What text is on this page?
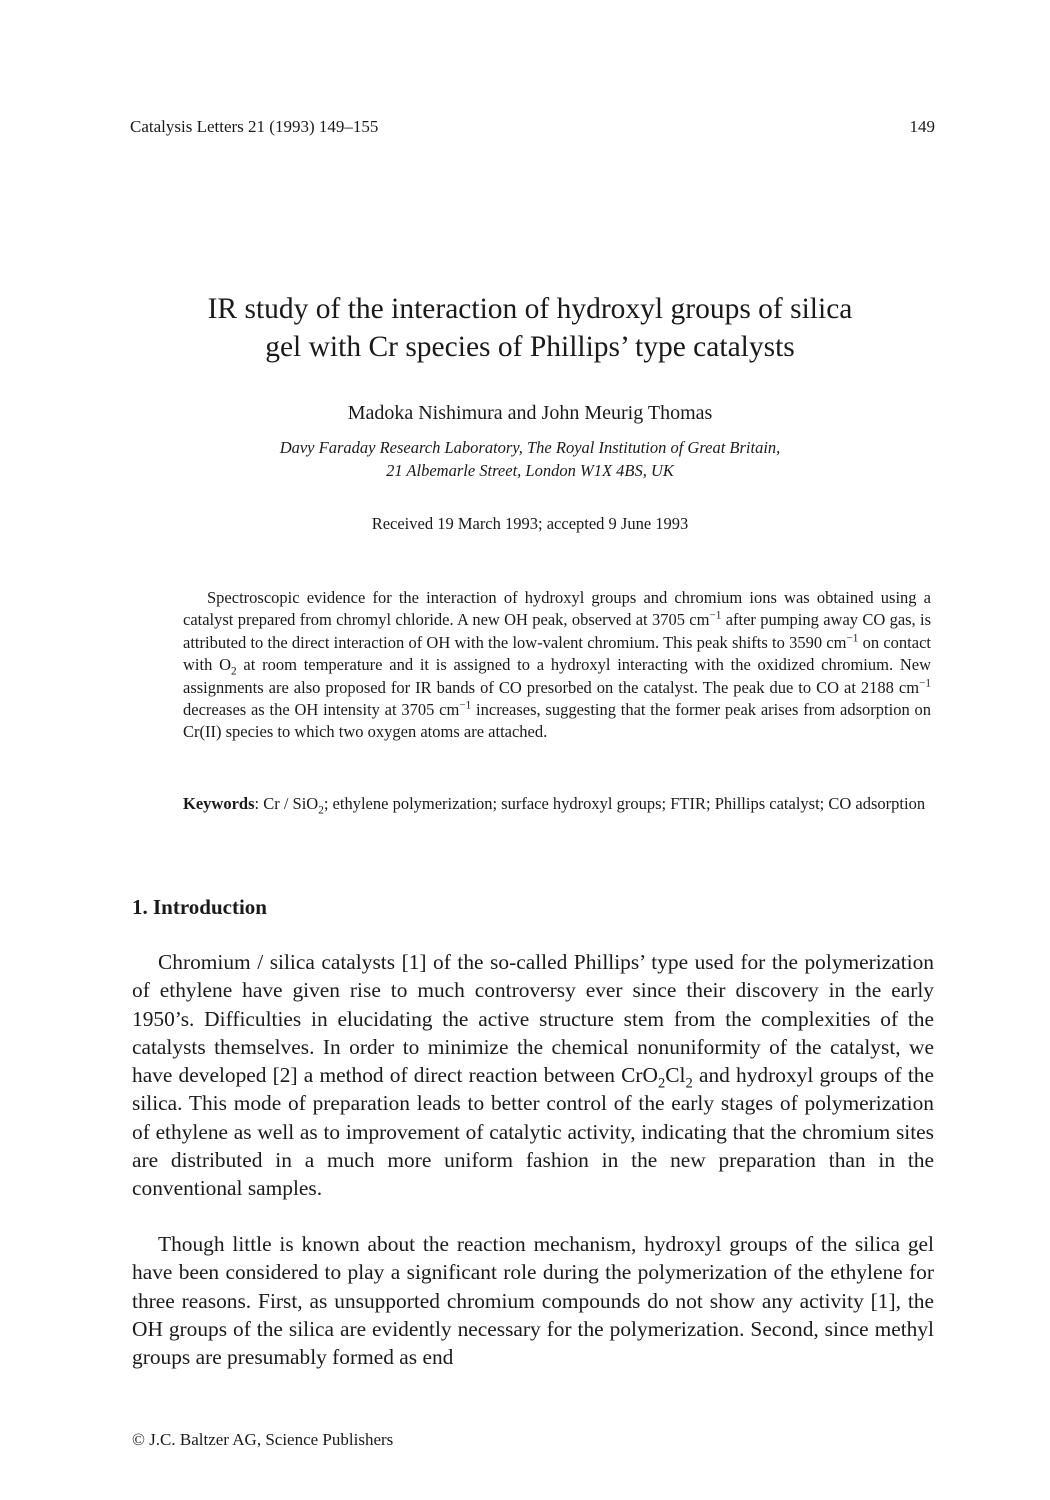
Catalysis Letters 21 (1993) 149–155	149
IR study of the interaction of hydroxyl groups of silica
gel with Cr species of Phillips’ type catalysts
Madoka Nishimura and John Meurig Thomas
Davy Faraday Research Laboratory, The Royal Institution of Great Britain,
21 Albemarle Street, London W1X 4BS, UK
Received 19 March 1993; accepted 9 June 1993

Spectroscopic evidence for the interaction of hydroxyl groups and chromium ions was obtained using a catalyst prepared from chromyl chloride. A new OH peak, observed at 3705 $cm^{-1}$ after pumping away CO gas, is attributed to the direct interaction of OH with the low-valent chromium. This peak shifts to 3590 $cm^{-1}$ on contact with $O_2$ at room temperature and it is assigned to a hydroxyl interacting with the oxidized chromium. New assignments are also proposed for IR bands of CO presorbed on the catalyst. The peak due to CO at 2188 $cm^{-1}$ decreases as the OH intensity at 3705 $cm^{-1}$ increases, suggesting that the former peak arises from adsorption on Cr(II) species to which two oxygen atoms are attached.

Keywords: Cr / SiO$_2$; ethylene polymerization; surface hydroxyl groups; FTIR; Phillips catalyst; CO adsorption

1. Introduction

Chromium / silica catalysts [1] of the so-called Phillips’ type used for the polymerization of ethylene have given rise to much controversy ever since their discovery in the early 1950’s. Difficulties in elucidating the active structure stem from the complexities of the catalysts themselves. In order to minimize the chemical nonuniformity of the catalyst, we have developed [2] a method of direct reaction between $CrO_2Cl_2$ and hydroxyl groups of the silica. This mode of preparation leads to better control of the early stages of polymerization of ethylene as well as to improvement of catalytic activity, indicating that the chromium sites are distributed in a much more uniform fashion in the new preparation than in the conventional samples.

Though little is known about the reaction mechanism, hydroxyl groups of the silica gel have been considered to play a significant role during the polymerization of the ethylene for three reasons. First, as unsupported chromium compounds do not show any activity [1], the OH groups of the silica are evidently necessary for the polymerization. Second, since methyl groups are presumably formed as end

© J.C. Baltzer AG, Science Publishers
